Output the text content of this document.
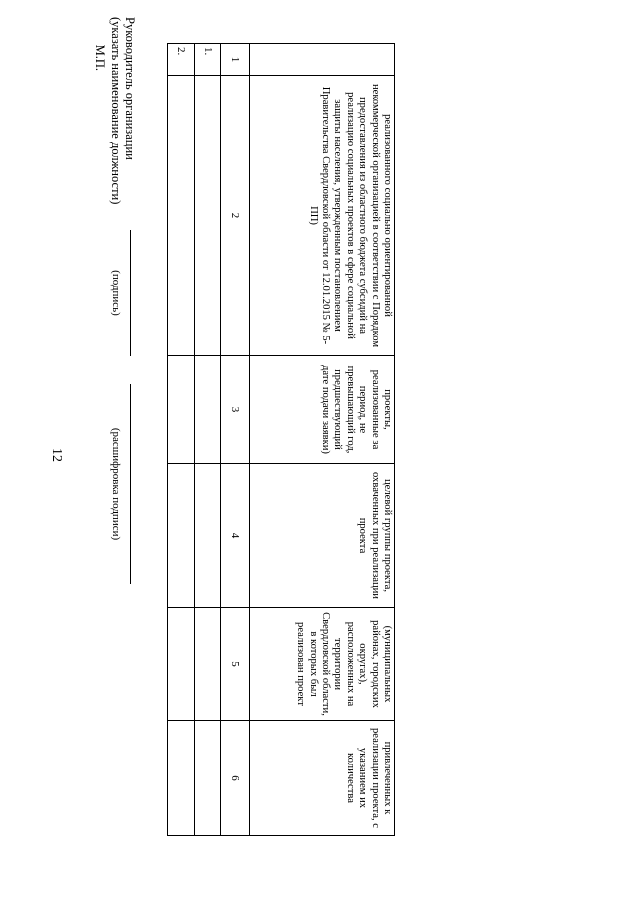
12
	реализованного социально ориентированной некоммерческой организацией в соответствии с Порядком предоставления из областного бюджета субсидий на реализацию социальных проектов в сфере социальной защиты населения, утвержденным постановлением Правительства Свердловской области от 12.01.2015 № 5-ПП)	проекты, реализованные за период, не превышающий год, предшествующий дате подачи заявки)	целевой группы проекта, охваченных при реализации проекта	(муниципальных районах, городских округах), расположенных на территории Свердловской области, в которых был реализован проект	привлеченных к реализации проекта, с указанием их количества
1	2	3	4	5	6
1.					
2.					
Руководитель организации
(указать наименование должности)
М.П.
(подпись)
(расшифровка подписи)
